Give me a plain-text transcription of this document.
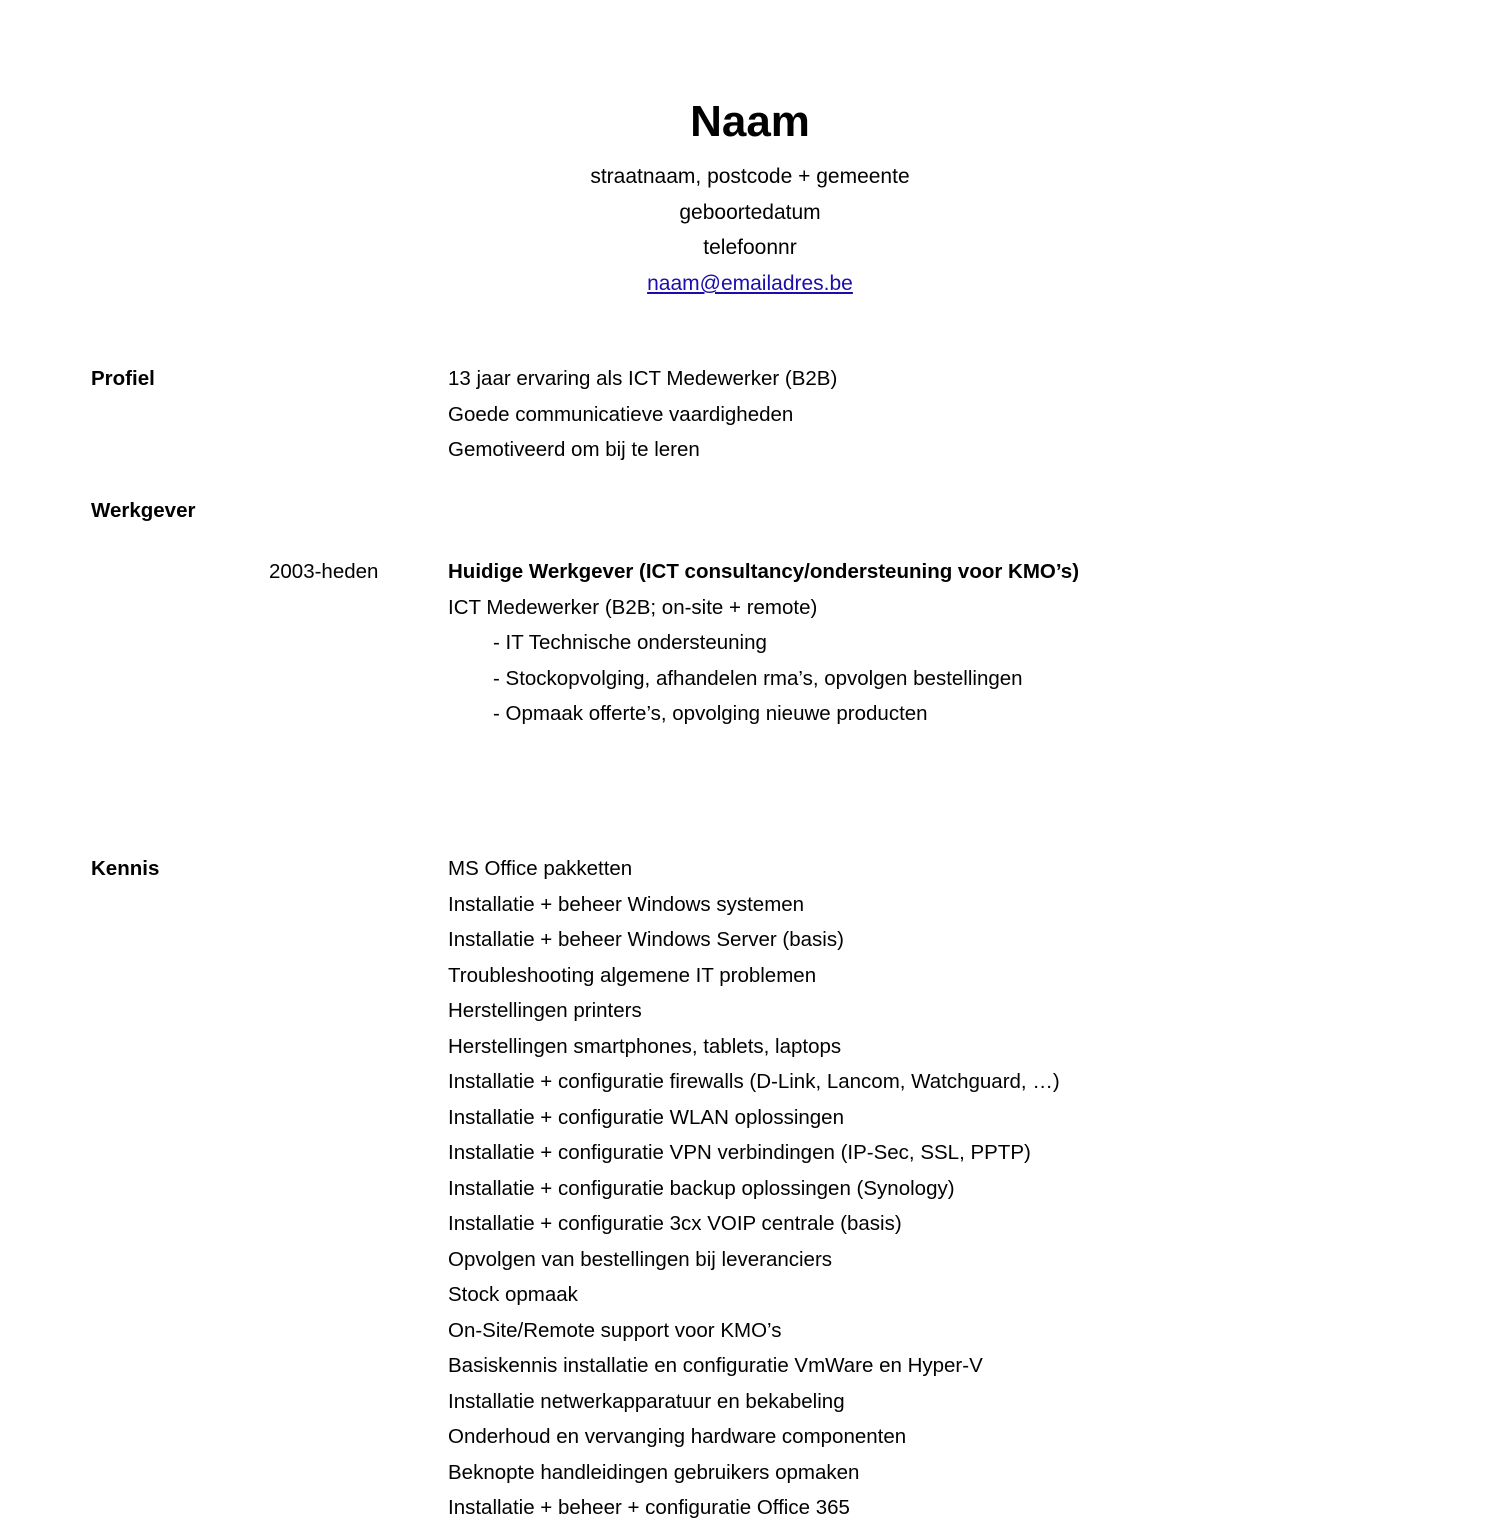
Naam
straatnaam, postcode + gemeente
geboortedatum
telefoonnr
naam@emailadres.be
Profiel	13 jaar ervaring als ICT Medewerker (B2B)
Goede communicatieve vaardigheden
Gemotiveerd om bij te leren
Werkgever
2003-heden	Huidige Werkgever (ICT consultancy/ondersteuning voor KMO’s)
ICT Medewerker (B2B; on-site + remote)
- IT Technische ondersteuning
- Stockopvolging, afhandelen rma’s, opvolgen bestellingen
- Opmaak offerte’s, opvolging nieuwe producten
Kennis	MS Office pakketten
Installatie + beheer Windows systemen
Installatie + beheer Windows Server (basis)
Troubleshooting algemene IT problemen
Herstellingen printers
Herstellingen smartphones, tablets, laptops
Installatie + configuratie firewalls (D-Link, Lancom, Watchguard, …)
Installatie + configuratie WLAN oplossingen
Installatie + configuratie VPN verbindingen (IP-Sec, SSL, PPTP)
Installatie + configuratie backup oplossingen (Synology)
Installatie + configuratie 3cx VOIP centrale (basis)
Opvolgen van bestellingen bij leveranciers
Stock opmaak
On-Site/Remote support voor KMO’s
Basiskennis installatie en configuratie VmWare en Hyper-V
Installatie netwerkapparatuur en bekabeling
Onderhoud en vervanging hardware componenten
Beknopte handleidingen gebruikers opmaken
Installatie + beheer + configuratie Office 365
